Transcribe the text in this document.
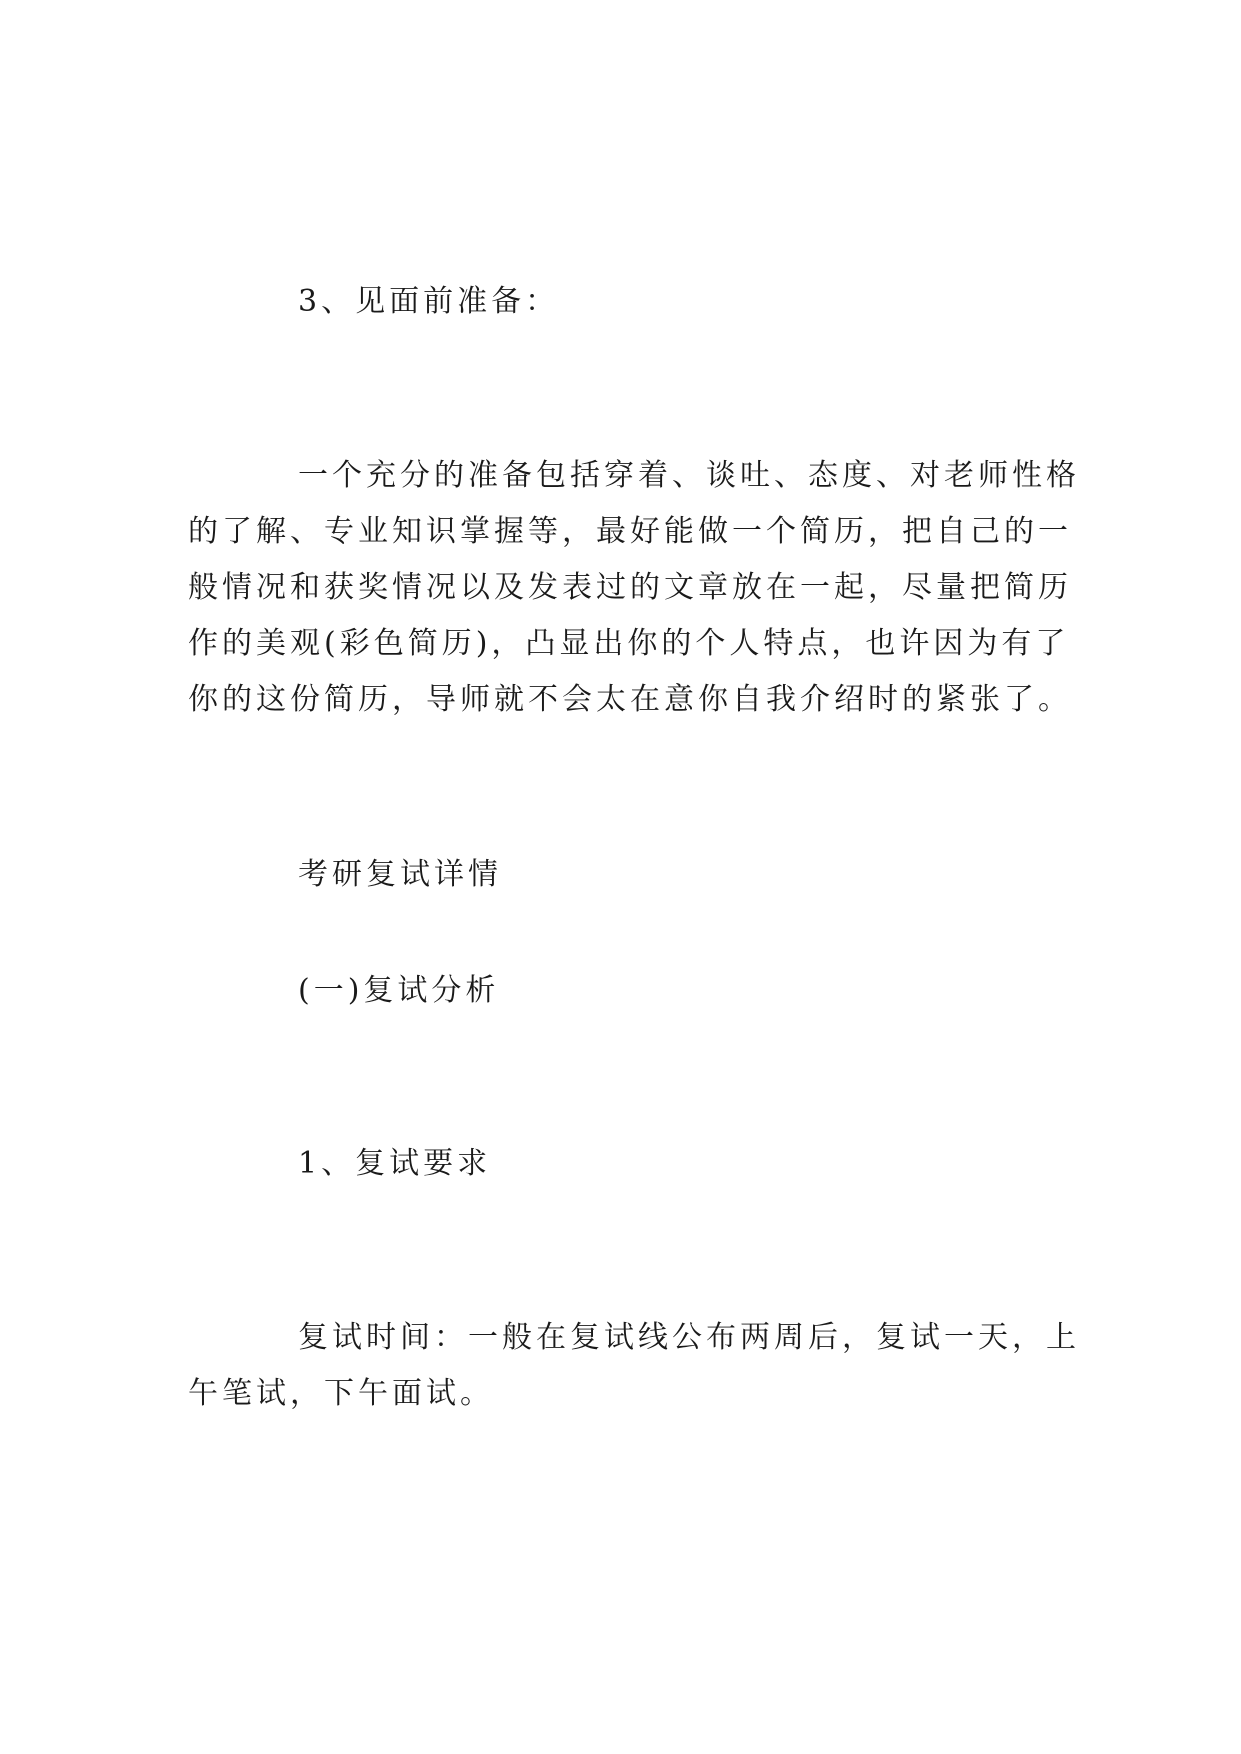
3、见面前准备：
一个充分的准备包括穿着、谈吐、态度、对老师性格
的了解、专业知识掌握等，最好能做一个简历，把自己的一
般情况和获奖情况以及发表过的文章放在一起，尽量把简历
作的美观(彩色简历)，凸显出你的个人特点，也许因为有了
你的这份简历，导师就不会太在意你自我介绍时的紧张了。
考研复试详情
(一)复试分析
1、复试要求
复试时间：一般在复试线公布两周后，复试一天，上
午笔试，下午面试。
